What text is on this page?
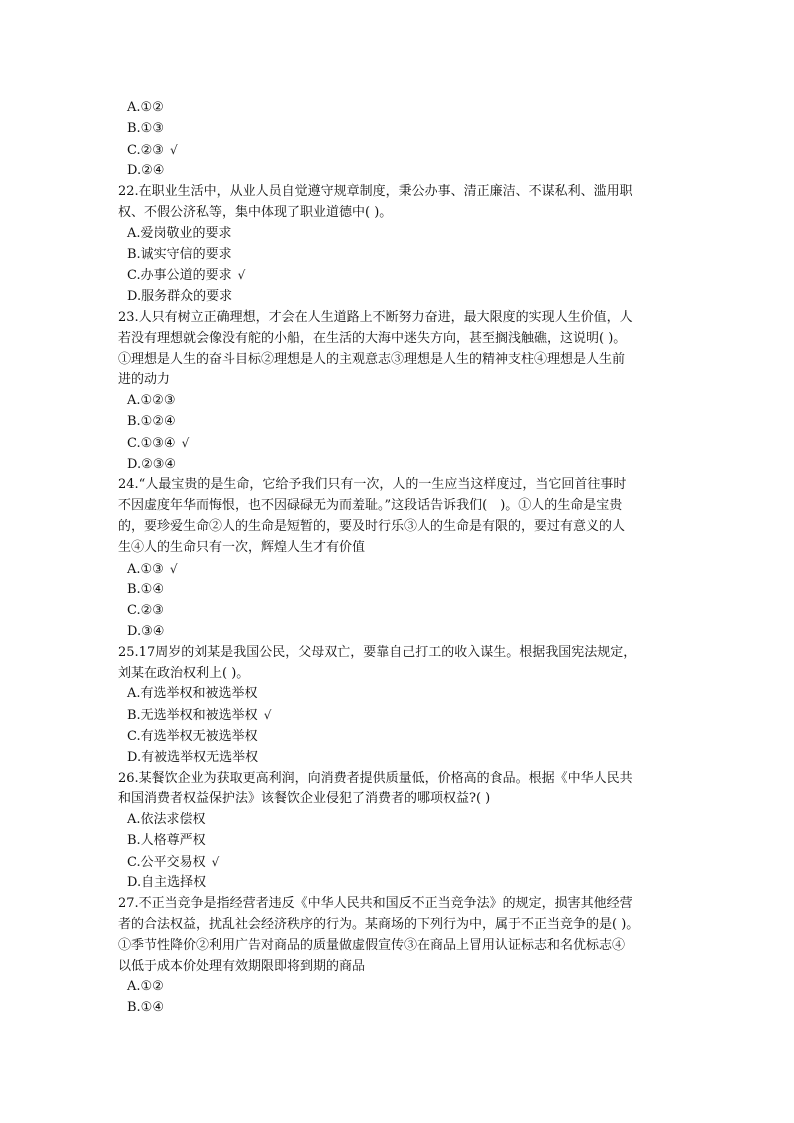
A.①②
B.①③
C.②③ √
D.②④
22.在职业生活中，从业人员自觉遵守规章制度，秉公办事、清正廉洁、不谋私利、滥用职
权、不假公济私等，集中体现了职业道德中( )。
A.爱岗敬业的要求
B.诚实守信的要求
C.办事公道的要求 √
D.服务群众的要求
23.人只有树立正确理想，才会在人生道路上不断努力奋进，最大限度的实现人生价值，人
若没有理想就会像没有舵的小船，在生活的大海中迷失方向，甚至搁浅触礁，这说明( )。
①理想是人生的奋斗目标②理想是人的主观意志③理想是人生的精神支柱④理想是人生前
进的动力
A.①②③
B.①②④
C.①③④ √
D.②③④
24.“人最宝贵的是生命，它给予我们只有一次，人的一生应当这样度过，当它回首往事时
不因虚度年华而悔恨，也不因碌碌无为而羞耻。”这段话告诉我们(　)。①人的生命是宝贵
的，要珍爱生命②人的生命是短暂的，要及时行乐③人的生命是有限的，要过有意义的人
生④人的生命只有一次，辉煌人生才有价值
A.①③ √
B.①④
C.②③
D.③④
25.17周岁的刘某是我国公民，父母双亡，要靠自己打工的收入谋生。根据我国宪法规定，
刘某在政治权利上( )。
A.有选举权和被选举权
B.无选举权和被选举权 √
C.有选举权无被选举权
D.有被选举权无选举权
26.某餐饮企业为获取更高利润，向消费者提供质量低，价格高的食品。根据《中华人民共
和国消费者权益保护法》该餐饮企业侵犯了消费者的哪项权益?( )
A.依法求偿权
B.人格尊严权
C.公平交易权 √
D.自主选择权
27.不正当竞争是指经营者违反《中华人民共和国反不正当竞争法》的规定，损害其他经营
者的合法权益，扰乱社会经济秩序的行为。某商场的下列行为中，属于不正当竞争的是( )。
①季节性降价②利用广告对商品的质量做虚假宣传③在商品上冒用认证标志和名优标志④
以低于成本价处理有效期限即将到期的商品
A.①②
B.①④
